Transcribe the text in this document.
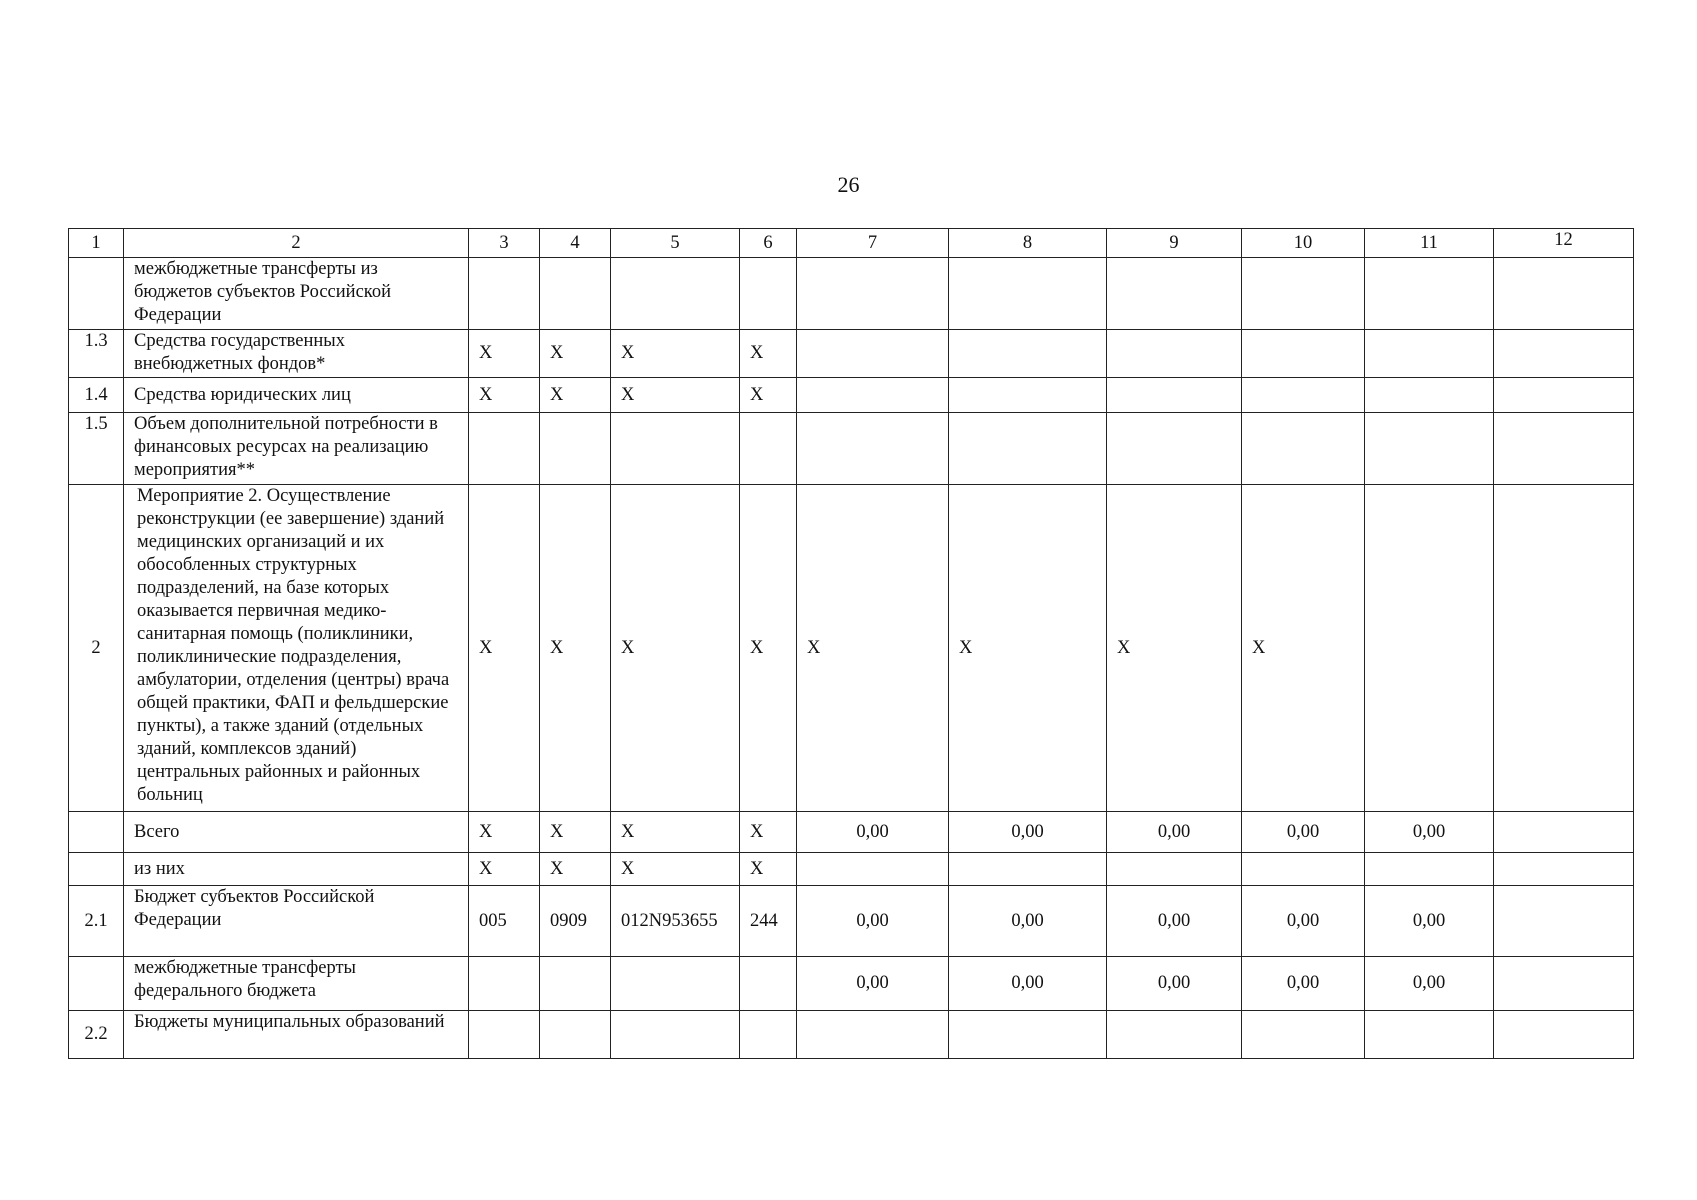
26
1	2	3	4	5	6	7	8	9	10	11	12
	межбюджетные трансферты из бюджетов субъектов Российской Федерации										
1.3	Средства государственных внебюджетных фондов*	X	X	X	X						
1.4	Средства юридических лиц	X	X	X	X						
1.5	Объем дополнительной потребности в финансовых ресурсах на реализацию мероприятия**										
2	Мероприятие 2. Осуществление реконструкции (ее завершение) зданий медицинских организаций и их обособленных структурных подразделений, на базе которых оказывается первичная медико-санитарная помощь (поликлиники, поликлинические подразделения, амбулатории, отделения (центры) врача общей практики, ФАП и фельдшерские пункты), а также зданий (отдельных зданий, комплексов зданий) центральных районных и районных больниц	X	X	X	X	X	X	X	X		
	Всего	X	X	X	X	0,00	0,00	0,00	0,00	0,00	
	из них	X	X	X	X						
2.1	Бюджет субъектов Российской Федерации	005	0909	012N953655	244	0,00	0,00	0,00	0,00	0,00	
	межбюджетные трансферты федерального бюджета					0,00	0,00	0,00	0,00	0,00	
2.2	Бюджеты муниципальных образований										
